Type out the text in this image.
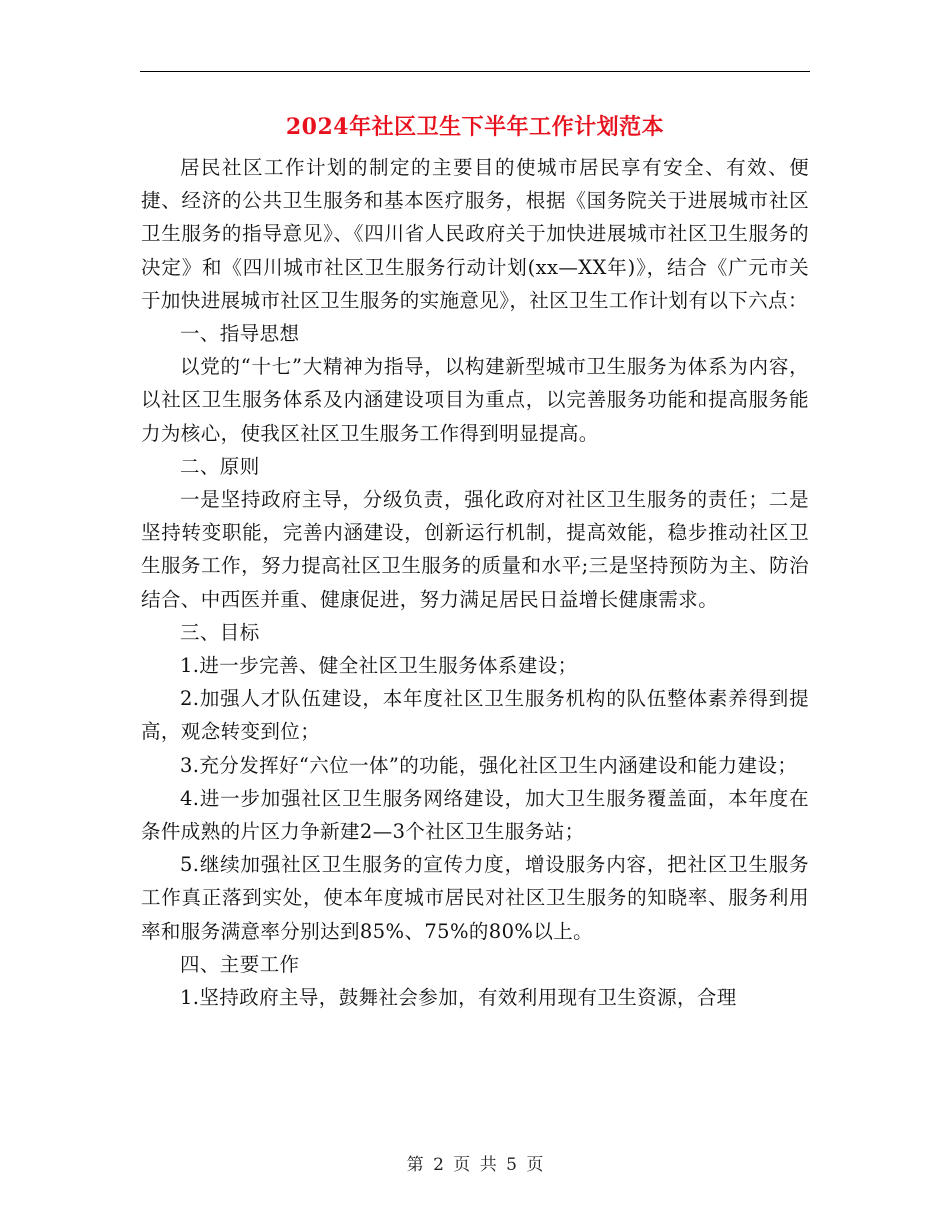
2024年社区卫生下半年工作计划范本

居民社区工作计划的制定的主要目的使城市居民享有安全、有效、便捷、经济的公共卫生服务和基本医疗服务，根据《国务院关于进展城市社区卫生服务的指导意见》、《四川省人民政府关于加快进展城市社区卫生服务的决定》和《四川城市社区卫生服务行动计划(xx—XX年)》，结合《广元市关于加快进展城市社区卫生服务的实施意见》，社区卫生工作计划有以下六点：

一、指导思想

以党的“十七”大精神为指导，以构建新型城市卫生服务为体系为内容，以社区卫生服务体系及内涵建设项目为重点，以完善服务功能和提高服务能力为核心，使我区社区卫生服务工作得到明显提高。

二、原则

一是坚持政府主导，分级负责，强化政府对社区卫生服务的责任；二是坚持转变职能，完善内涵建设，创新运行机制，提高效能，稳步推动社区卫生服务工作，努力提高社区卫生服务的质量和水平;三是坚持预防为主、防治结合、中西医并重、健康促进，努力满足居民日益增长健康需求。

三、目标

1.进一步完善、健全社区卫生服务体系建设；

2.加强人才队伍建设，本年度社区卫生服务机构的队伍整体素养得到提高，观念转变到位；

3.充分发挥好“六位一体”的功能，强化社区卫生内涵建设和能力建设；

4.进一步加强社区卫生服务网络建设，加大卫生服务覆盖面，本年度在条件成熟的片区力争新建2—3个社区卫生服务站；

5.继续加强社区卫生服务的宣传力度，增设服务内容，把社区卫生服务工作真正落到实处，使本年度城市居民对社区卫生服务的知晓率、服务利用率和服务满意率分别达到85%、75%的80%以上。

四、主要工作

1.坚持政府主导，鼓舞社会参加，有效利用现有卫生资源，合理

第 2 页 共 5 页
